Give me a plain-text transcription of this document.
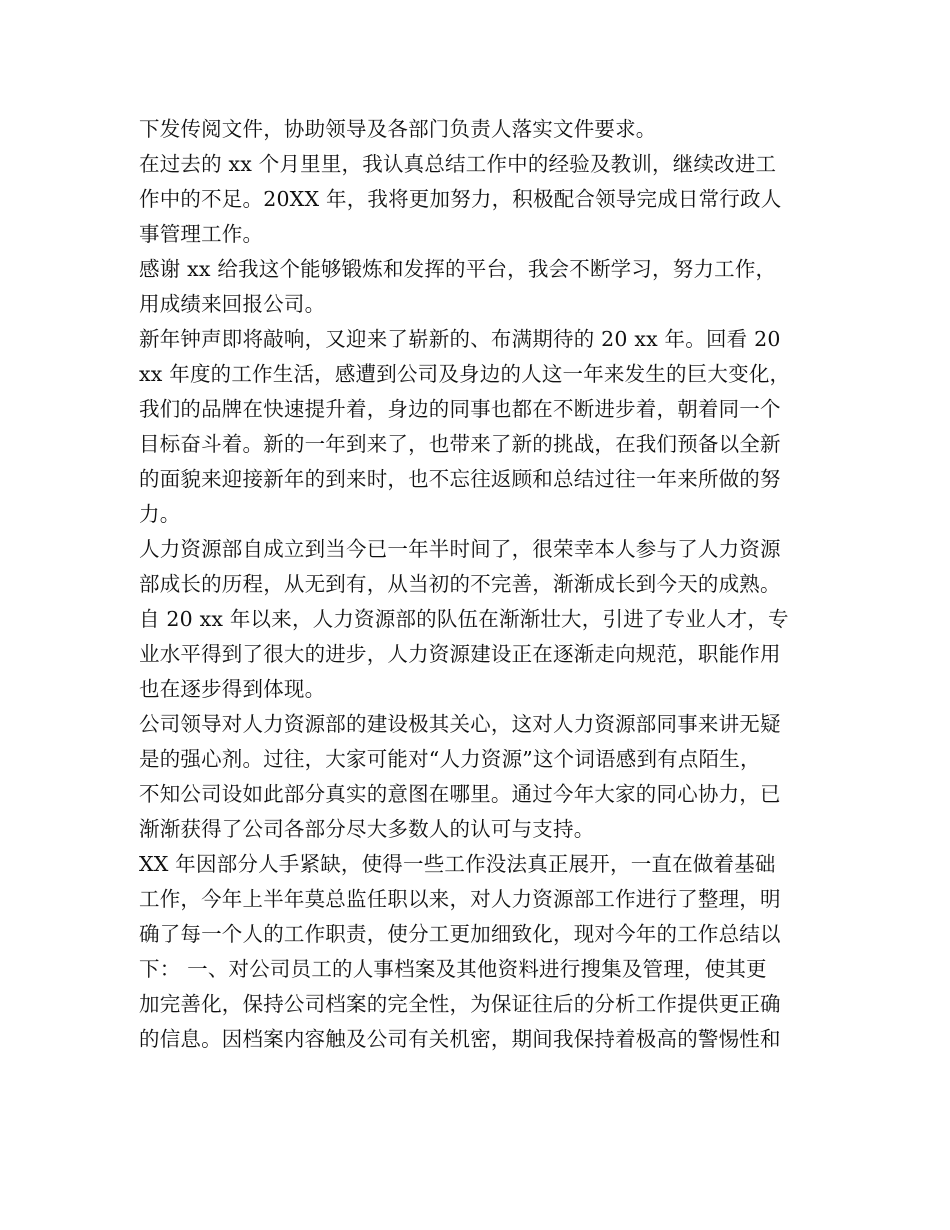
下发传阅文件，协助领导及各部门负责人落实文件要求。
在过去的 xx 个月里里，我认真总结工作中的经验及教训，继续改进工
作中的不足。20XX 年，我将更加努力，积极配合领导完成日常行政人
事管理工作。
感谢 xx 给我这个能够锻炼和发挥的平台，我会不断学习，努力工作，
用成绩来回报公司。
新年钟声即将敲响，又迎来了崭新的、布满期待的 20 xx 年。回看 20
xx 年度的工作生活，感遭到公司及身边的人这一年来发生的巨大变化，
我们的品牌在快速提升着，身边的同事也都在不断进步着，朝着同一个
目标奋斗着。新的一年到来了，也带来了新的挑战，在我们预备以全新
的面貌来迎接新年的到来时，也不忘往返顾和总结过往一年来所做的努
力。
人力资源部自成立到当今已一年半时间了，很荣幸本人参与了人力资源
部成长的历程，从无到有，从当初的不完善，渐渐成长到今天的成熟。
自 20 xx 年以来，人力资源部的队伍在渐渐壮大，引进了专业人才，专
业水平得到了很大的进步，人力资源建设正在逐渐走向规范，职能作用
也在逐步得到体现。
公司领导对人力资源部的建设极其关心，这对人力资源部同事来讲无疑
是的强心剂。过往，大家可能对“人力资源”这个词语感到有点陌生，
不知公司设如此部分真实的意图在哪里。通过今年大家的同心协力，已
渐渐获得了公司各部分尽大多数人的认可与支持。
XX 年因部分人手紧缺，使得一些工作没法真正展开，一直在做着基础
工作，今年上半年莫总监任职以来，对人力资源部工作进行了整理，明
确了每一个人的工作职责，使分工更加细致化，现对今年的工作总结以
下： 一、对公司员工的人事档案及其他资料进行搜集及管理，使其更
加完善化，保持公司档案的完全性，为保证往后的分析工作提供更正确
的信息。因档案内容触及公司有关机密，期间我保持着极高的警惕性和
